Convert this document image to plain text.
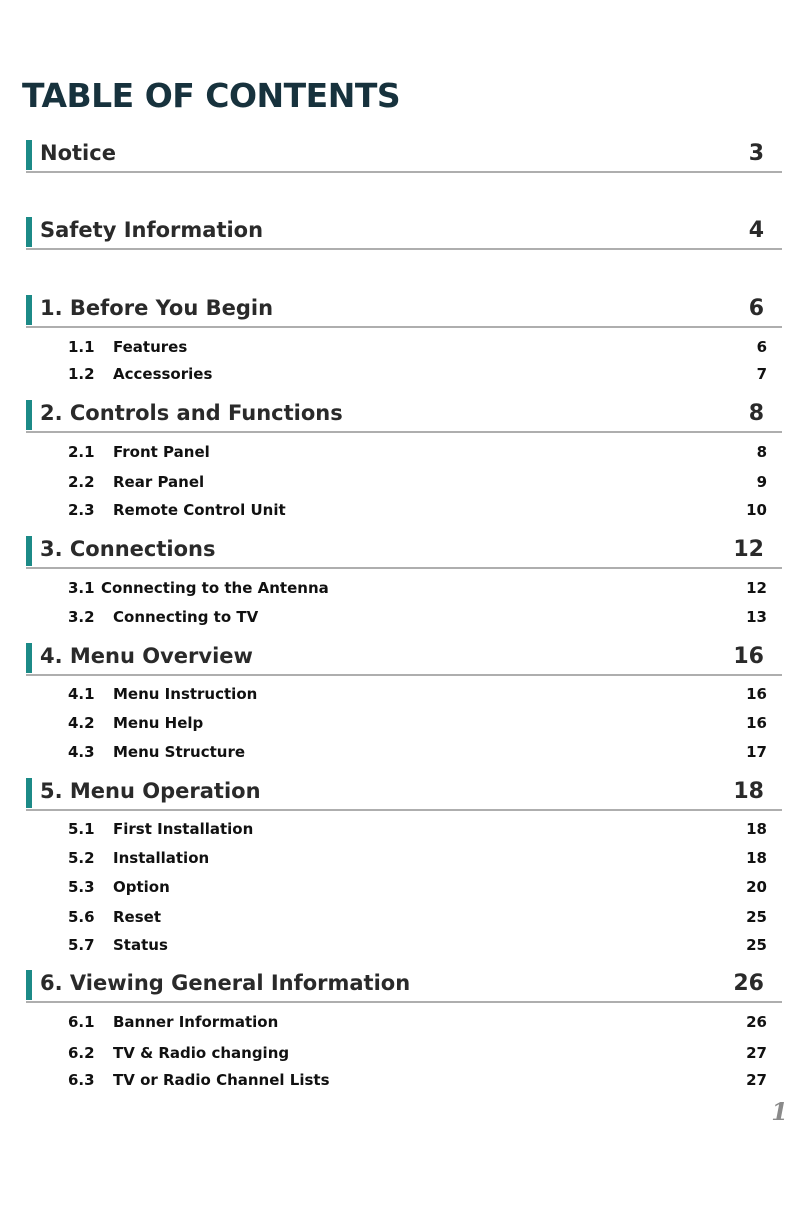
TABLE OF CONTENTS
Notice	3
Safety Information	4
1. Before You Begin	6
1.1 Features	6
1.2 Accessories	7
2. Controls and Functions	8
2.1 Front Panel	8
2.2 Rear Panel	9
2.3 Remote Control Unit	10
3. Connections	12
3.1 Connecting to the Antenna	12
3.2 Connecting to TV	13
4. Menu Overview	16
4.1 Menu Instruction	16
4.2 Menu Help	16
4.3 Menu Structure	17
5. Menu Operation	18
5.1 First Installation	18
5.2 Installation	18
5.3 Option	20
5.6 Reset	25
5.7 Status	25
6. Viewing General Information	26
6.1 Banner Information	26
6.2 TV & Radio changing	27
6.3 TV or Radio Channel Lists	27
1
